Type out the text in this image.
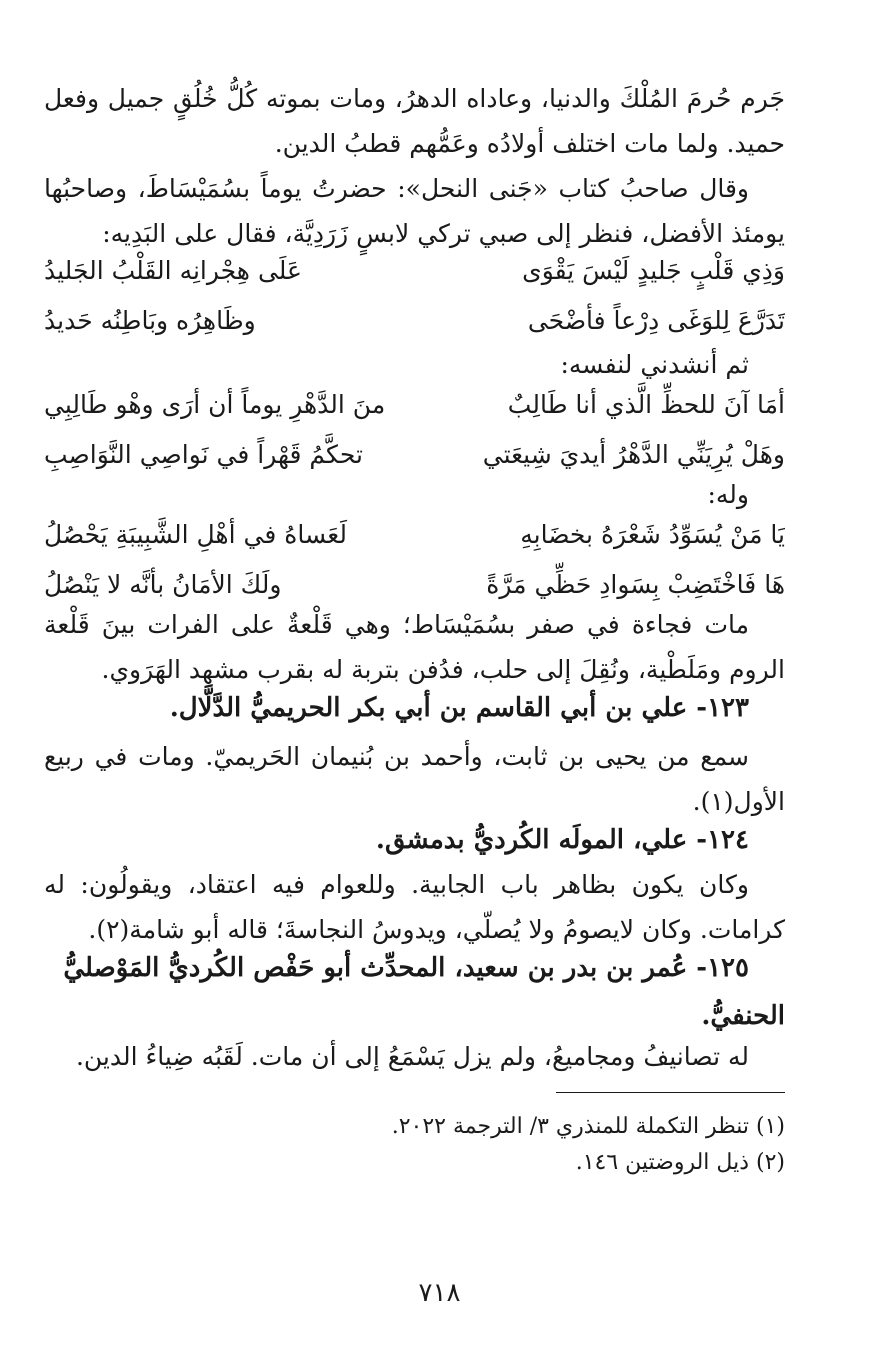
جَرم حُرمَ المُلْكَ والدنيا، وعاداه الدهرُ، ومات بموته كُلُّ خُلُقٍ جميل وفعل حميد. ولما مات اختلف أولادُه وعَمُّهم قطبُ الدين.

وقال صاحبُ كتاب «جَنى النحل»: حضرتُ يوماً بسُمَيْسَاطَ، وصاحبُها يومئذ الأفضل، فنظر إلى صبي تركي لابسٍ زَرَدِيَّة، فقال على البَدِيه:

وَذِي قَلْبٍ جَليدٍ لَيْسَ يَقْوَى
عَلَى هِجْرانِه القَلْبُ الجَليدُ
تَدَرَّعَ لِلوَغَى دِرْعاً فأضْحَى
وظَاهِرُه وبَاطِنُه حَديدُ

ثم أنشدني لنفسه:

أمَا آنَ للحظِّ الَّذي أنا طَالِبٌ
منَ الدَّهْرِ يوماً أن أرَى وهْو طَالِبِي
وهَلْ يُرِيَنِّي الدَّهْرُ أيديَ شِيعَتي
تحكَّمُ قَهْراً في نَواصِي النَّوَاصِبِ

وله:

يَا مَنْ يُسَوِّدُ شَعْرَهُ بخضَابِهِ
لَعَساهُ في أهْلِ الشَّبِيبَةِ يَحْصُلُ
هَا فَاخْتَضِبْ بِسَوادِ حَظِّي مَرَّةً
ولَكَ الأمَانُ بأنَّه لا يَنْصُلُ

مات فجاءة في صفر بسُمَيْسَاط؛ وهي قَلْعةٌ على الفرات بينَ قَلْعة الروم ومَلَطْية، ونُقِلَ إلى حلب، فدُفن بتربة له بقرب مشهد الهَرَوي.

١٢٣- علي بن أبي القاسم بن أبي بكر الحريميُّ الدَّلَّال.

سمع من يحيى بن ثابت، وأحمد بن بُنيمان الحَريميّ. ومات في ربيع الأول(١).

١٢٤- علي، المولَه الكُرديُّ بدمشق.

وكان يكون بظاهر باب الجابية. وللعوام فيه اعتقاد، ويقولُون: له كرامات. وكان لايصومُ ولا يُصلّي، ويدوسُ النجاسةَ؛ قاله أبو شامة(٢).

١٢٥- عُمر بن بدر بن سعيد، المحدِّث أبو حَفْص الكُرديُّ المَوْصليُّ الحنفيُّ.

له تصانيفُ ومجاميعُ، ولم يزل يَسْمَعُ إلى أن مات. لَقَبُه ضِياءُ الدين.

(١) تنظر التكملة للمنذري ٣/ الترجمة ٢٠٢٢.
(٢) ذيل الروضتين ١٤٦.
٧١٨
